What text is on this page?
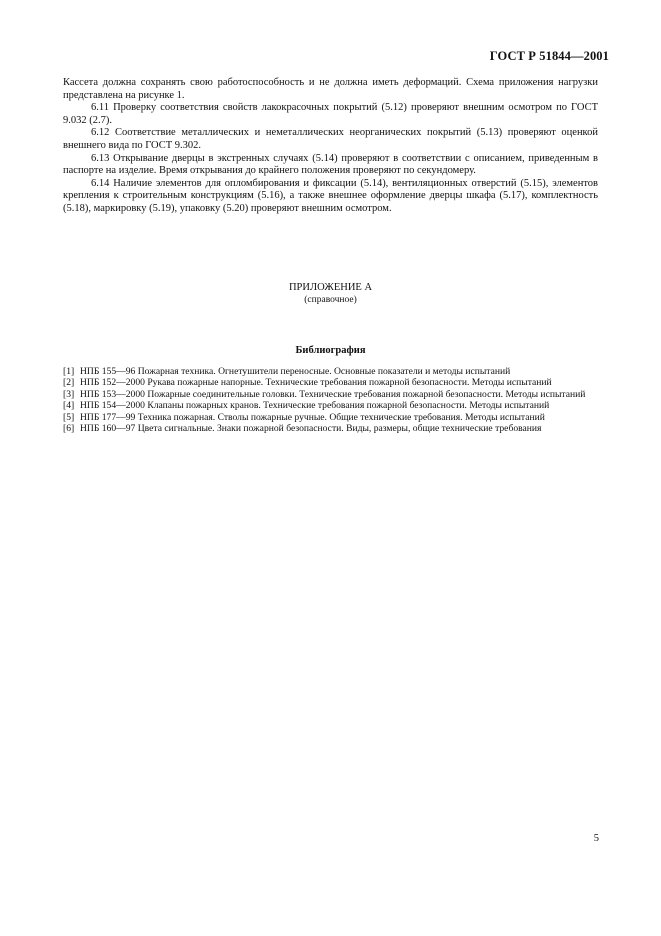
ГОСТ Р 51844—2001

Кассета должна сохранять свою работоспособность и не должна иметь деформаций. Схема приложения нагрузки представлена на рисунке 1.

6.11 Проверку соответствия свойств лакокрасочных покрытий (5.12) проверяют внешним осмотром по ГОСТ 9.032 (2.7).

6.12 Соответствие металлических и неметаллических неорганических покрытий (5.13) проверяют оценкой внешнего вида по ГОСТ 9.302.

6.13 Открывание дверцы в экстренных случаях (5.14) проверяют в соответствии с описанием, приведенным в паспорте на изделие. Время открывания до крайнего положения проверяют по секундомеру.

6.14 Наличие элементов для опломбирования и фиксации (5.14), вентиляционных отверстий (5.15), элементов крепления к строительным конструкциям (5.16), а также внешнее оформление дверцы шкафа (5.17), комплектность (5.18), маркировку (5.19), упаковку (5.20) проверяют внешним осмотром.

ПРИЛОЖЕНИЕ А
(справочное)
Библиография
[1] НПБ 155—96 Пожарная техника. Огнетушители переносные. Основные показатели и методы испытаний
[2] НПБ 152—2000 Рукава пожарные напорные. Технические требования пожарной безопасности. Методы испытаний
[3] НПБ 153—2000 Пожарные соединительные головки. Технические требования пожарной безопасности. Методы испытаний
[4] НПБ 154—2000 Клапаны пожарных кранов. Технические требования пожарной безопасности. Методы испытаний
[5] НПБ 177—99 Техника пожарная. Стволы пожарные ручные. Общие технические требования. Методы испытаний
[6] НПБ 160—97 Цвета сигнальные. Знаки пожарной безопасности. Виды, размеры, общие технические требования
5
